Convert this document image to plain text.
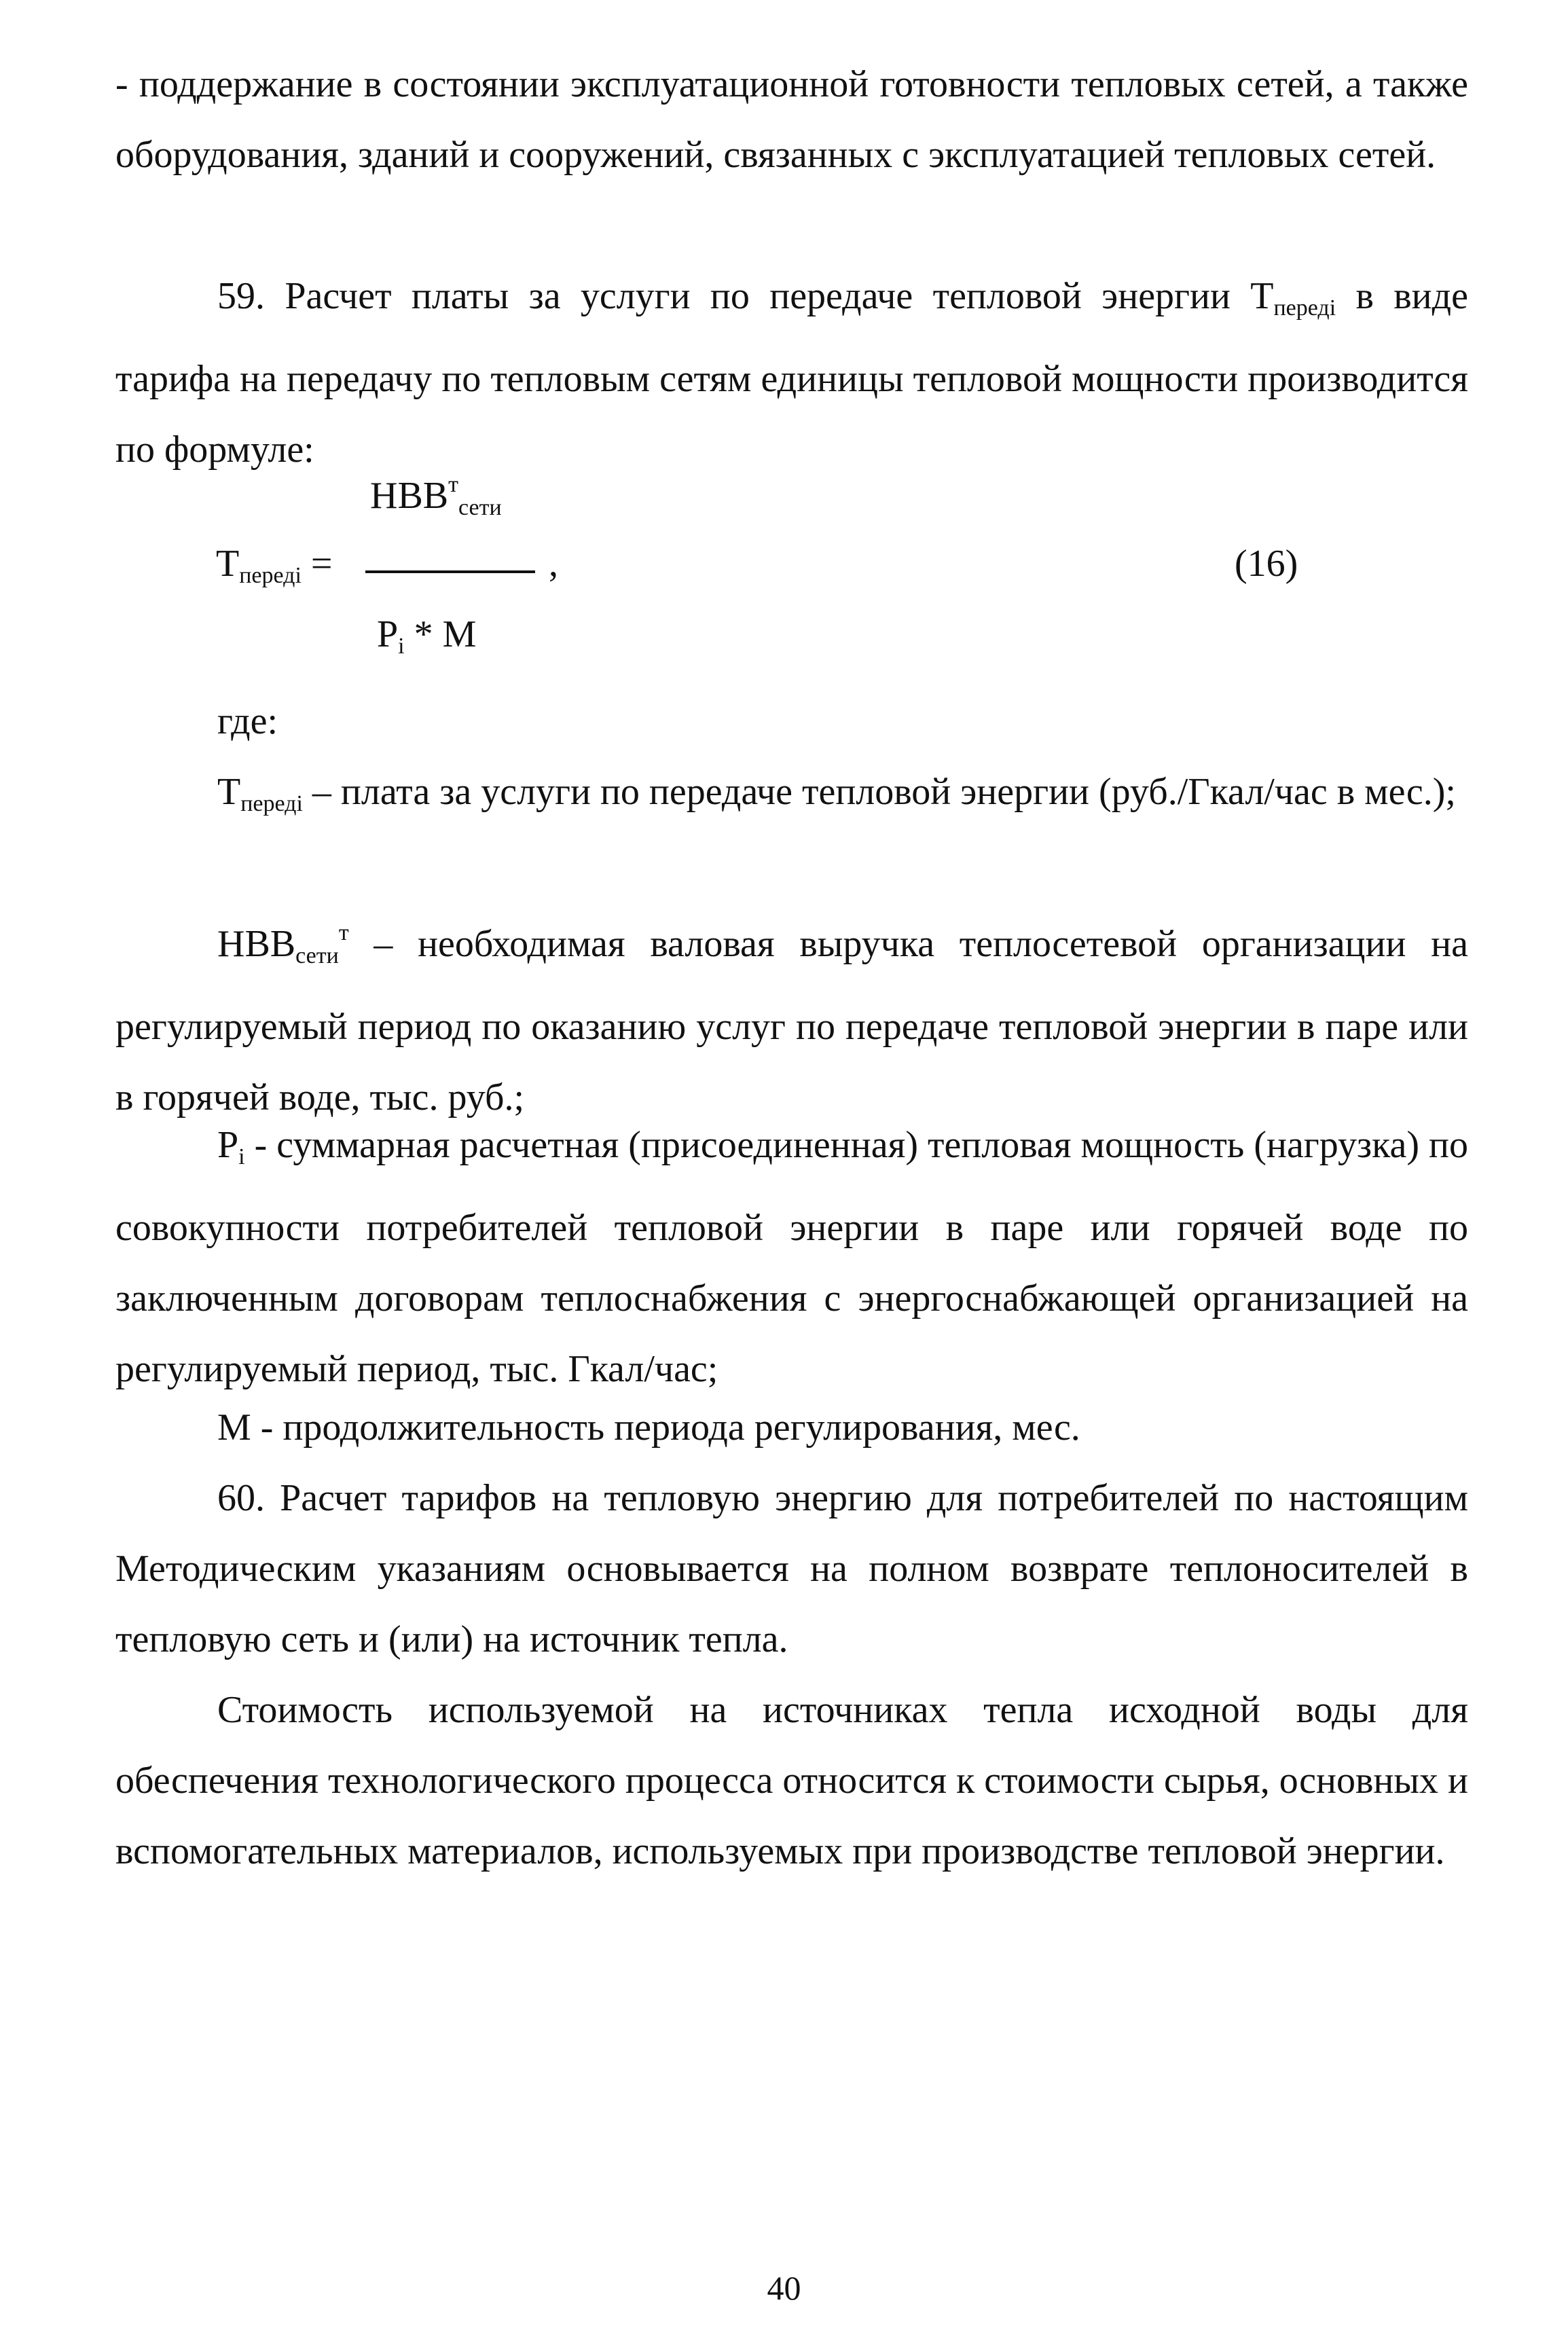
- поддержание в состоянии эксплуатационной готовности тепловых сетей, а также оборудования, зданий и сооружений, связанных с эксплуатацией тепловых сетей.

59. Расчет платы за услуги по передаче тепловой энергии $Т_{передi}$ в виде тарифа на передачу по тепловым сетям единицы тепловой мощности производится по формуле:

$НВВ^т_{сети}$
$Т_{передi}$ =	,	(16)
$Р_i$ * М

где:

$Т_{передi}$ – плата за услуги по передаче тепловой энергии (руб./Гкал/час в мес.);

$НВВ_{сети}^т$ – необходимая валовая выручка теплосетевой организации на регулируемый период по оказанию услуг по передаче тепловой энергии в паре или в горячей воде, тыс. руб.;

$Р_i$ - суммарная расчетная (присоединенная) тепловая мощность (нагрузка) по совокупности потребителей тепловой энергии в паре или горячей воде по заключенным договорам теплоснабжения с энергоснабжающей организацией на регулируемый период, тыс. Гкал/час;

М - продолжительность периода регулирования, мес.

60. Расчет тарифов на тепловую энергию для потребителей по настоящим Методическим указаниям основывается на полном возврате теплоносителей в тепловую сеть и (или) на источник тепла.

Стоимость используемой на источниках тепла исходной воды для обеспечения технологического процесса относится к стоимости сырья, основных и вспомогательных материалов, используемых при производстве тепловой энергии.

40
